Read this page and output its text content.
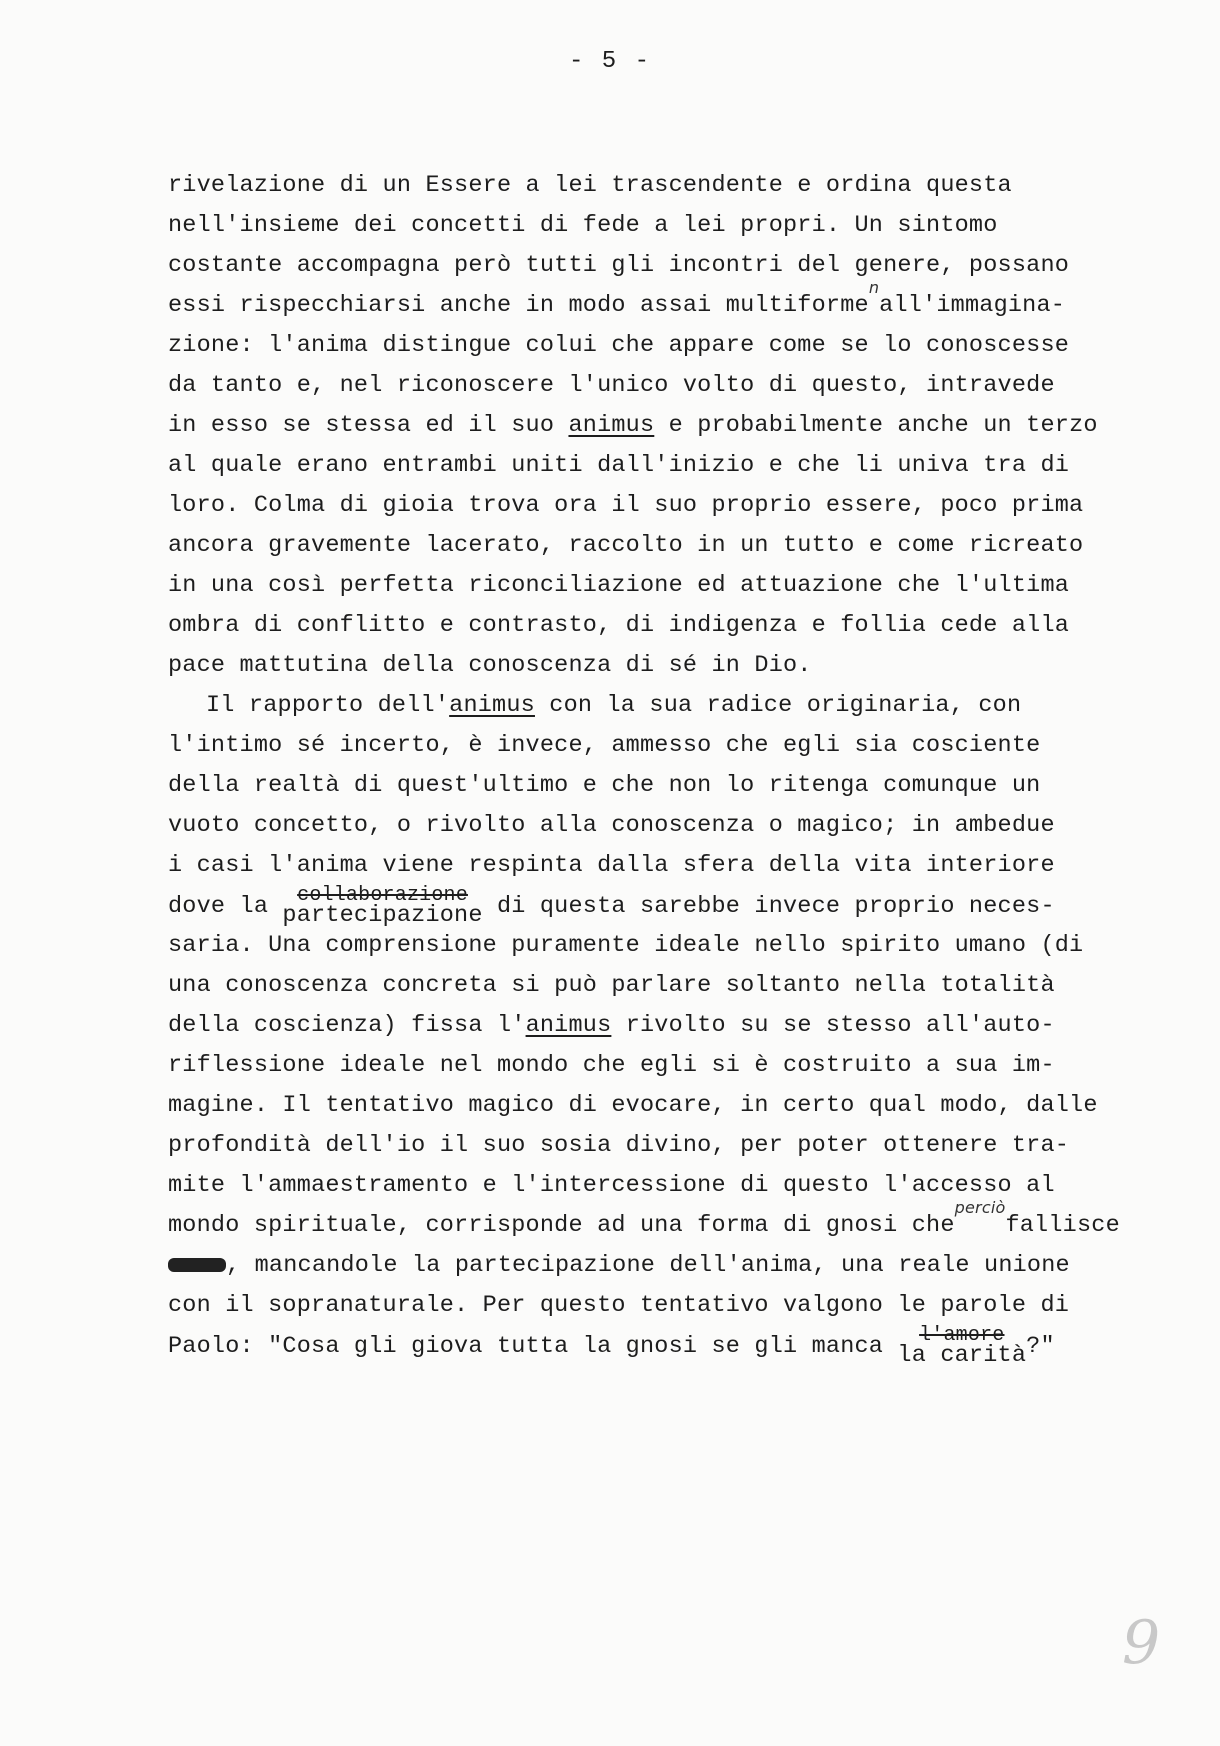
- 5 -
rivelazione di un Essere a lei trascendente e ordina questa
nell'insieme dei concetti di fede a lei propri. Un sintomo
costante accompagna però tutti gli incontri del genere, possano
essi rispecchiarsi anche in modo assai multiforme$^n$all'immagina-
zione: l'anima distingue colui che appare come se lo conoscesse
da tanto e, nel riconoscere l'unico volto di questo, intravede
in esso se stessa ed il suo animus e probabilmente anche un terzo
al quale erano entrambi uniti dall'inizio e che li univa tra di
loro. Colma di gioia trova ora il suo proprio essere, poco prima
ancora gravemente lacerato, raccolto in un tutto e come ricreato
in una così perfetta riconciliazione ed attuazione che l'ultima
ombra di conflitto e contrasto, di indigenza e follia cede alla
pace mattutina della conoscenza di sé in Dio.
Il rapporto dell'animus con la sua radice originaria, con
l'intimo sé incerto, è invece, ammesso che egli sia cosciente
della realtà di quest'ultimo e che non lo ritenga comunque un
vuoto concetto, o rivolto alla conoscenza o magico; in ambedue
i casi l'anima viene respinta dalla sfera della vita interiore
dove la collaborazione
partecipazione di questa sarebbe invece proprio neces-
saria. Una comprensione puramente ideale nello spirito umano (di
una conoscenza concreta si può parlare soltanto nella totalità
della coscienza) fissa l'animus rivolto su se stesso all'auto-
riflessione ideale nel mondo che egli si è costruito a sua im-
magine. Il tentativo magico di evocare, in certo qual modo, dalle
profondità dell'io il suo sosia divino, per poter ottenere tra-
mite l'ammaestramento e l'intercessione di questo l'accesso al
mondo spirituale, corrisponde ad una forma di gnosi che$^{perciò}$fallisce
, mancandole la partecipazione dell'anima, una reale unione
con il sopranaturale. Per questo tentativo valgono le parole di
Paolo: "Cosa gli giova tutta la gnosi se gli manca	l'amore
la carità ?"
9
